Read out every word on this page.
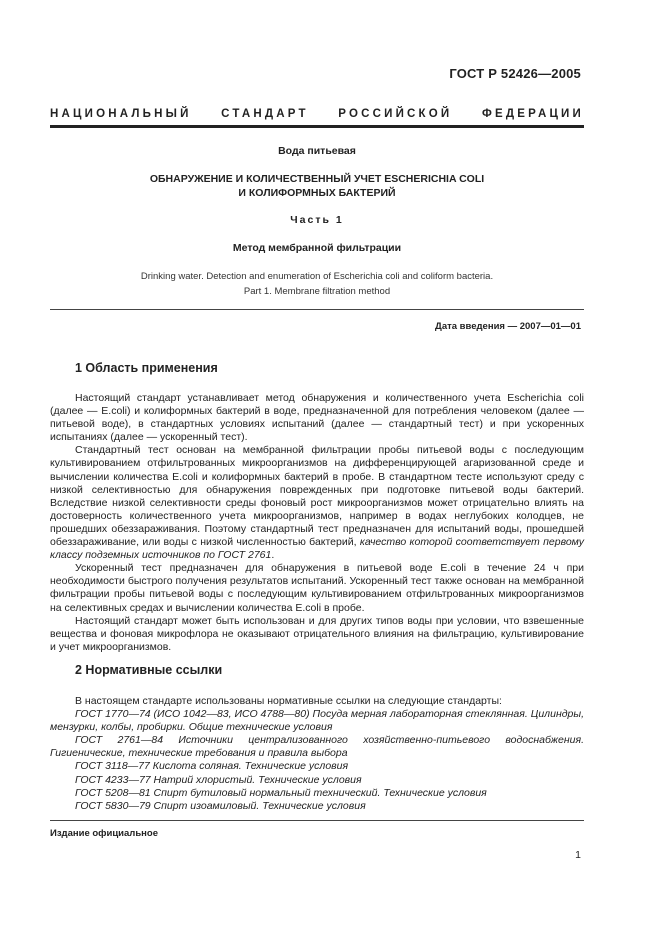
ГОСТ Р 52426—2005
НАЦИОНАЛЬНЫЙ СТАНДАРТ РОССИЙСКОЙ ФЕДЕРАЦИИ
Вода питьевая
ОБНАРУЖЕНИЕ И КОЛИЧЕСТВЕННЫЙ УЧЕТ ESCHERICHIA COLI
И КОЛИФОРМНЫХ БАКТЕРИЙ
Часть 1
Метод мембранной фильтрации
Drinking water. Detection and enumeration of Escherichia coli and coliform bacteria.
Part 1. Membrane filtration method
Дата введения — 2007—01—01
1 Область применения

Настоящий стандарт устанавливает метод обнаружения и количественного учета Escherichia coli (далее — E.coli) и колиформных бактерий в воде, предназначенной для потребления человеком (далее — питьевой воде), в стандартных условиях испытаний (далее — стандартный тест) и при ускоренных испытаниях (далее — ускоренный тест).

Стандартный тест основан на мембранной фильтрации пробы питьевой воды с последующим культивированием отфильтрованных микроорганизмов на дифференцирующей агаризованной среде и вычислении количества E.coli и колиформных бактерий в пробе. В стандартном тесте используют среду с низкой селективностью для обнаружения поврежденных при подготовке питьевой воды бактерий. Вследствие низкой селективности среды фоновый рост микроорганизмов может отрицательно влиять на достоверность количественного учета микроорганизмов, например в водах неглубоких колодцев, не прошедших обеззараживания. Поэтому стандартный тест предназначен для испытаний воды, прошедшей обеззараживание, или воды с низкой численностью бактерий, качество которой соответствует первому классу подземных источников по ГОСТ 2761.

Ускоренный тест предназначен для обнаружения в питьевой воде E.coli в течение 24 ч при необходимости быстрого получения результатов испытаний. Ускоренный тест также основан на мембранной фильтрации пробы питьевой воды с последующим культивированием отфильтрованных микроорганизмов на селективных средах и вычислении количества E.coli в пробе.

Настоящий стандарт может быть использован и для других типов воды при условии, что взвешенные вещества и фоновая микрофлора не оказывают отрицательного влияния на фильтрацию, культивирование и учет микроорганизмов.

2 Нормативные ссылки

В настоящем стандарте использованы нормативные ссылки на следующие стандарты:

ГОСТ 1770—74 (ИСО 1042—83, ИСО 4788—80) Посуда мерная лабораторная стеклянная. Цилиндры, мензурки, колбы, пробирки. Общие технические условия

ГОСТ 2761—84 Источники централизованного хозяйственно-питьевого водоснабжения. Гигиенические, технические требования и правила выбора

ГОСТ 3118—77 Кислота соляная. Технические условия

ГОСТ 4233—77 Натрий хлористый. Технические условия

ГОСТ 5208—81 Спирт бутиловый нормальный технический. Технические условия

ГОСТ 5830—79 Спирт изоамиловый. Технические условия

Издание официальное
1
